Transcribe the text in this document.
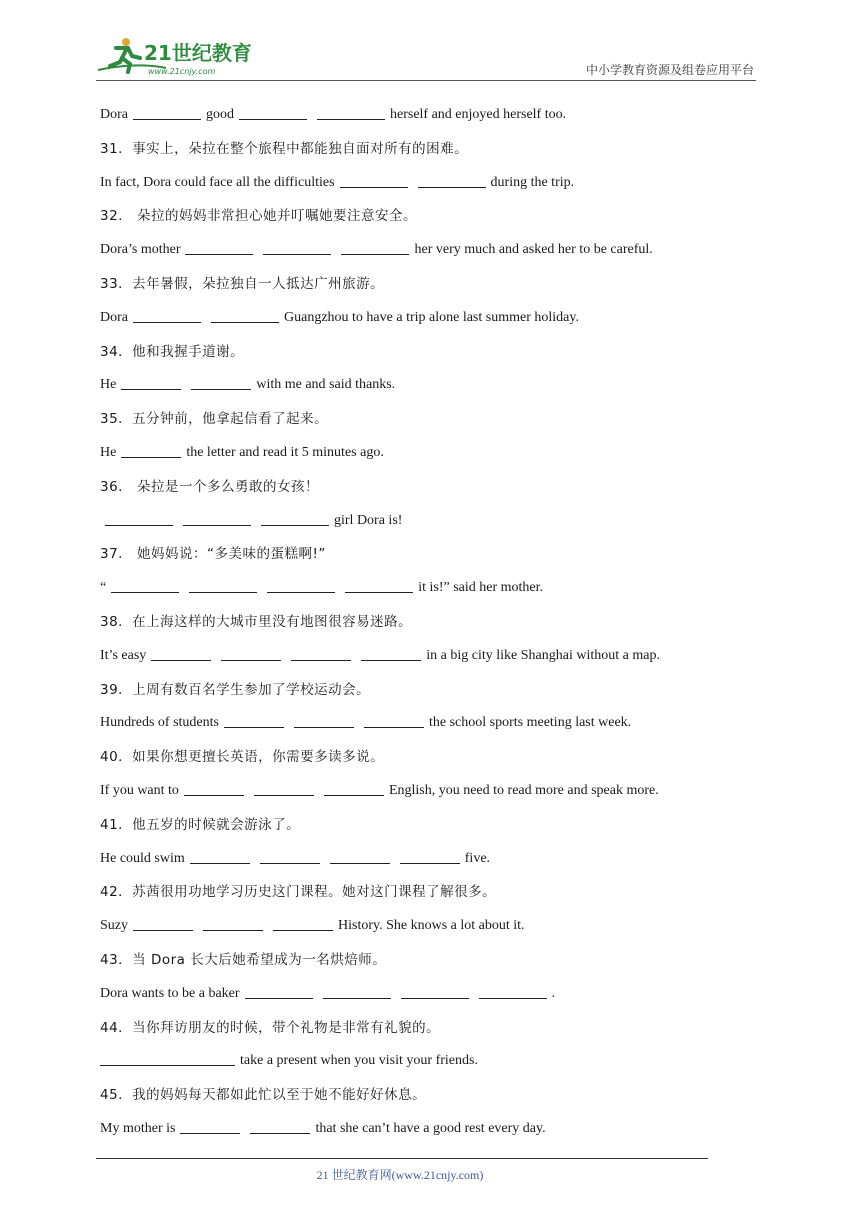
21世纪教育
www.21cnjy.com	中小学教育资源及组卷应用平台
Dora	good	herself and enjoyed herself too.
31．事实上，朵拉在整个旅程中都能独自面对所有的困难。
In fact, Dora could face all the difficulties	during the trip.
32.　朵拉的妈妈非常担心她并叮嘱她要注意安全。
Dora’s mother	her very much and asked her to be careful.
33．去年暑假，朵拉独自一人抵达广州旅游。
Dora	Guangzhou to have a trip alone last summer holiday.
34．他和我握手道谢。
He	with me and said thanks.
35．五分钟前，他拿起信看了起来。
He	the letter and read it 5 minutes ago.
36.　朵拉是一个多么勇敢的女孩！
girl Dora is!
37.　她妈妈说：“多美味的蛋糕啊!”
“	it is!” said her mother.
38．在上海这样的大城市里没有地图很容易迷路。
It’s easy	in a big city like Shanghai without a map.
39．上周有数百名学生参加了学校运动会。
Hundreds of students	the school sports meeting last week.
40．如果你想更擅长英语，你需要多读多说。
If you want to	English, you need to read more and speak more.
41．他五岁的时候就会游泳了。
He could swim	five.
42．苏茜很用功地学习历史这门课程。她对这门课程了解很多。
Suzy	History. She knows a lot about it.
43．当 Dora 长大后她希望成为一名烘焙师。
Dora wants to be a baker	.
44．当你拜访朋友的时候，带个礼物是非常有礼貌的。
take a present when you visit your friends.
45．我的妈妈每天都如此忙以至于她不能好好休息。
My mother is	that she can’t have a good rest every day.
21 世纪教育网(www.21cnjy.com)
